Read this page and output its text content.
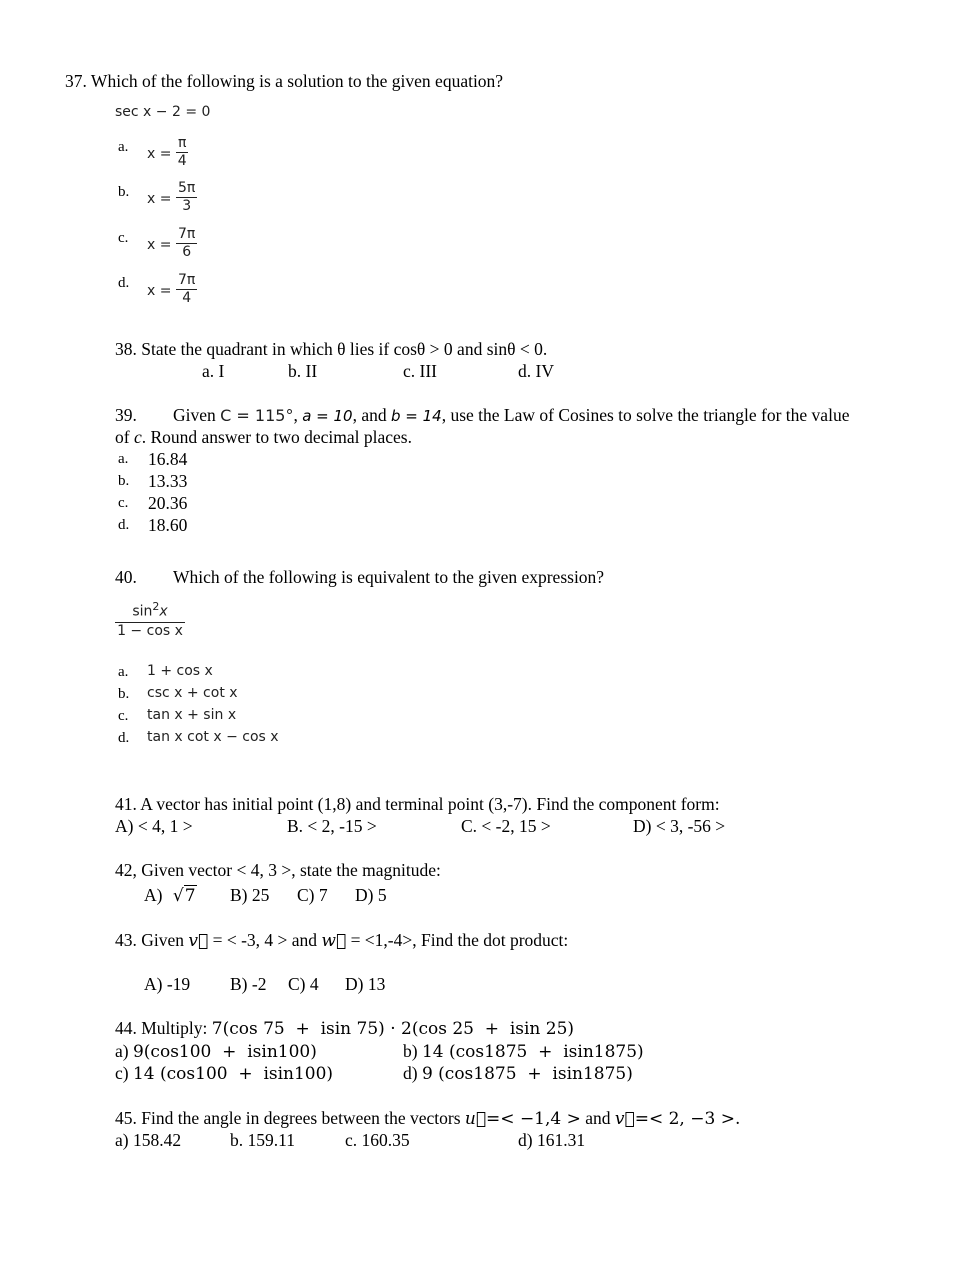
37. Which of the following is a solution to the given equation?
sec x − 2 = 0
a. $x = \frac{\pi}{4}$
b. $x = \frac{5\pi}{3}$
c. $x = \frac{7\pi}{6}$
d. $x = \frac{7\pi}{4}$
38. State the quadrant in which θ lies if cosθ > 0 and sinθ < 0.
a. I	b. II	c. III	d. IV
39. Given C = 115°, a = 10, and b = 14, use the Law of Cosines to solve the triangle for the value
of c. Round answer to two decimal places.
a. 16.84
b. 13.33
c. 20.36
d. 18.60
40. Which of the following is equivalent to the given expression?
$\frac{\sin^2x}{\text{1 − cos x}}$
a. 1 + cos x
b. csc x + cot x
c. tan x + sin x
d. tan x cot x − cos x
41. A vector has initial point (1,8) and terminal point (3,-7). Find the component form:
A) < 4, 1 >	B. < 2, -15 >	C. < -2, 15 >	D) < 3, -56 >
42, Given vector < 4, 3 >, state the magnitude:
A) √7 B) 25 C) 7 D) 5
43. Given v⃗ = < -3, 4 > and w⃗ = <1,-4>, Find the dot product:
A) -19 B) -2 C) 4 D) 13
44. Multiply: 7(cos 75  +  isin 75) · 2(cos 25  +  isin 25)
a) 9(cos100  +  isin100)	b) 14 (cos1875  +  isin1875)
c) 14 (cos100  +  isin100)	d) 9 (cos1875  +  isin1875)
45. Find the angle in degrees between the vectors u⃗=< −1,4 > and v⃗=< 2, −3 >.
a) 158.42	b. 159.11	c. 160.35	d) 161.31
